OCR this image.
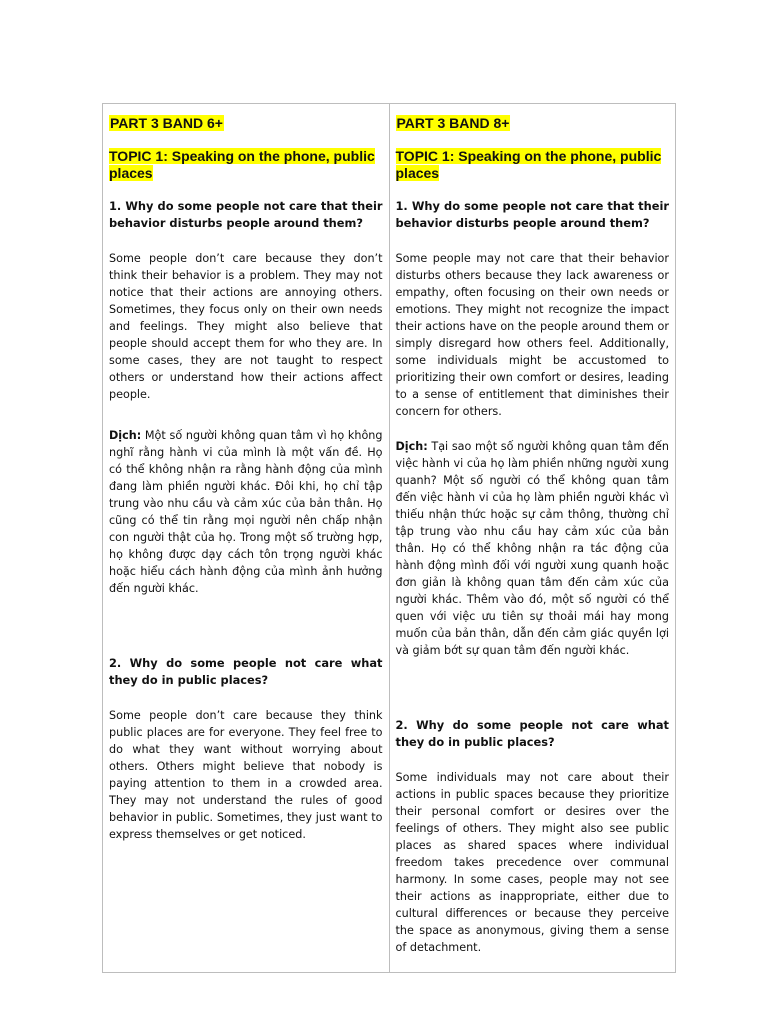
PART 3 BAND 6+

TOPIC 1: Speaking on the phone, public places

1. Why do some people not care that their behavior disturbs people around them?

Some people don’t care because they don’t think their behavior is a problem. They may not notice that their actions are annoying others. Sometimes, they focus only on their own needs and feelings. They might also believe that people should accept them for who they are. In some cases, they are not taught to respect others or understand how their actions affect people.

Dịch: Một số người không quan tâm vì họ không nghĩ rằng hành vi của mình là một vấn đề. Họ có thể không nhận ra rằng hành động của mình đang làm phiền người khác. Đôi khi, họ chỉ tập trung vào nhu cầu và cảm xúc của bản thân. Họ cũng có thể tin rằng mọi người nên chấp nhận con người thật của họ. Trong một số trường hợp, họ không được dạy cách tôn trọng người khác hoặc hiểu cách hành động của mình ảnh hưởng đến người khác.

2. Why do some people not care what they do in public places?

Some people don’t care because they think public places are for everyone. They feel free to do what they want without worrying about others. Others might believe that nobody is paying attention to them in a crowded area. They may not understand the rules of good behavior in public. Sometimes, they just want to express themselves or get noticed.

PART 3 BAND 8+

TOPIC 1: Speaking on the phone, public places

1. Why do some people not care that their behavior disturbs people around them?

Some people may not care that their behavior disturbs others because they lack awareness or empathy, often focusing on their own needs or emotions. They might not recognize the impact their actions have on the people around them or simply disregard how others feel. Additionally, some individuals might be accustomed to prioritizing their own comfort or desires, leading to a sense of entitlement that diminishes their concern for others.

Dịch: Tại sao một số người không quan tâm đến việc hành vi của họ làm phiền những người xung quanh? Một số người có thể không quan tâm đến việc hành vi của họ làm phiền người khác vì thiếu nhận thức hoặc sự cảm thông, thường chỉ tập trung vào nhu cầu hay cảm xúc của bản thân. Họ có thể không nhận ra tác động của hành động mình đối với người xung quanh hoặc đơn giản là không quan tâm đến cảm xúc của người khác. Thêm vào đó, một số người có thể quen với việc ưu tiên sự thoải mái hay mong muốn của bản thân, dẫn đến cảm giác quyền lợi và giảm bớt sự quan tâm đến người khác.

2. Why do some people not care what they do in public places?

Some individuals may not care about their actions in public spaces because they prioritize their personal comfort or desires over the feelings of others. They might also see public places as shared spaces where individual freedom takes precedence over communal harmony. In some cases, people may not see their actions as inappropriate, either due to cultural differences or because they perceive the space as anonymous, giving them a sense of detachment.
